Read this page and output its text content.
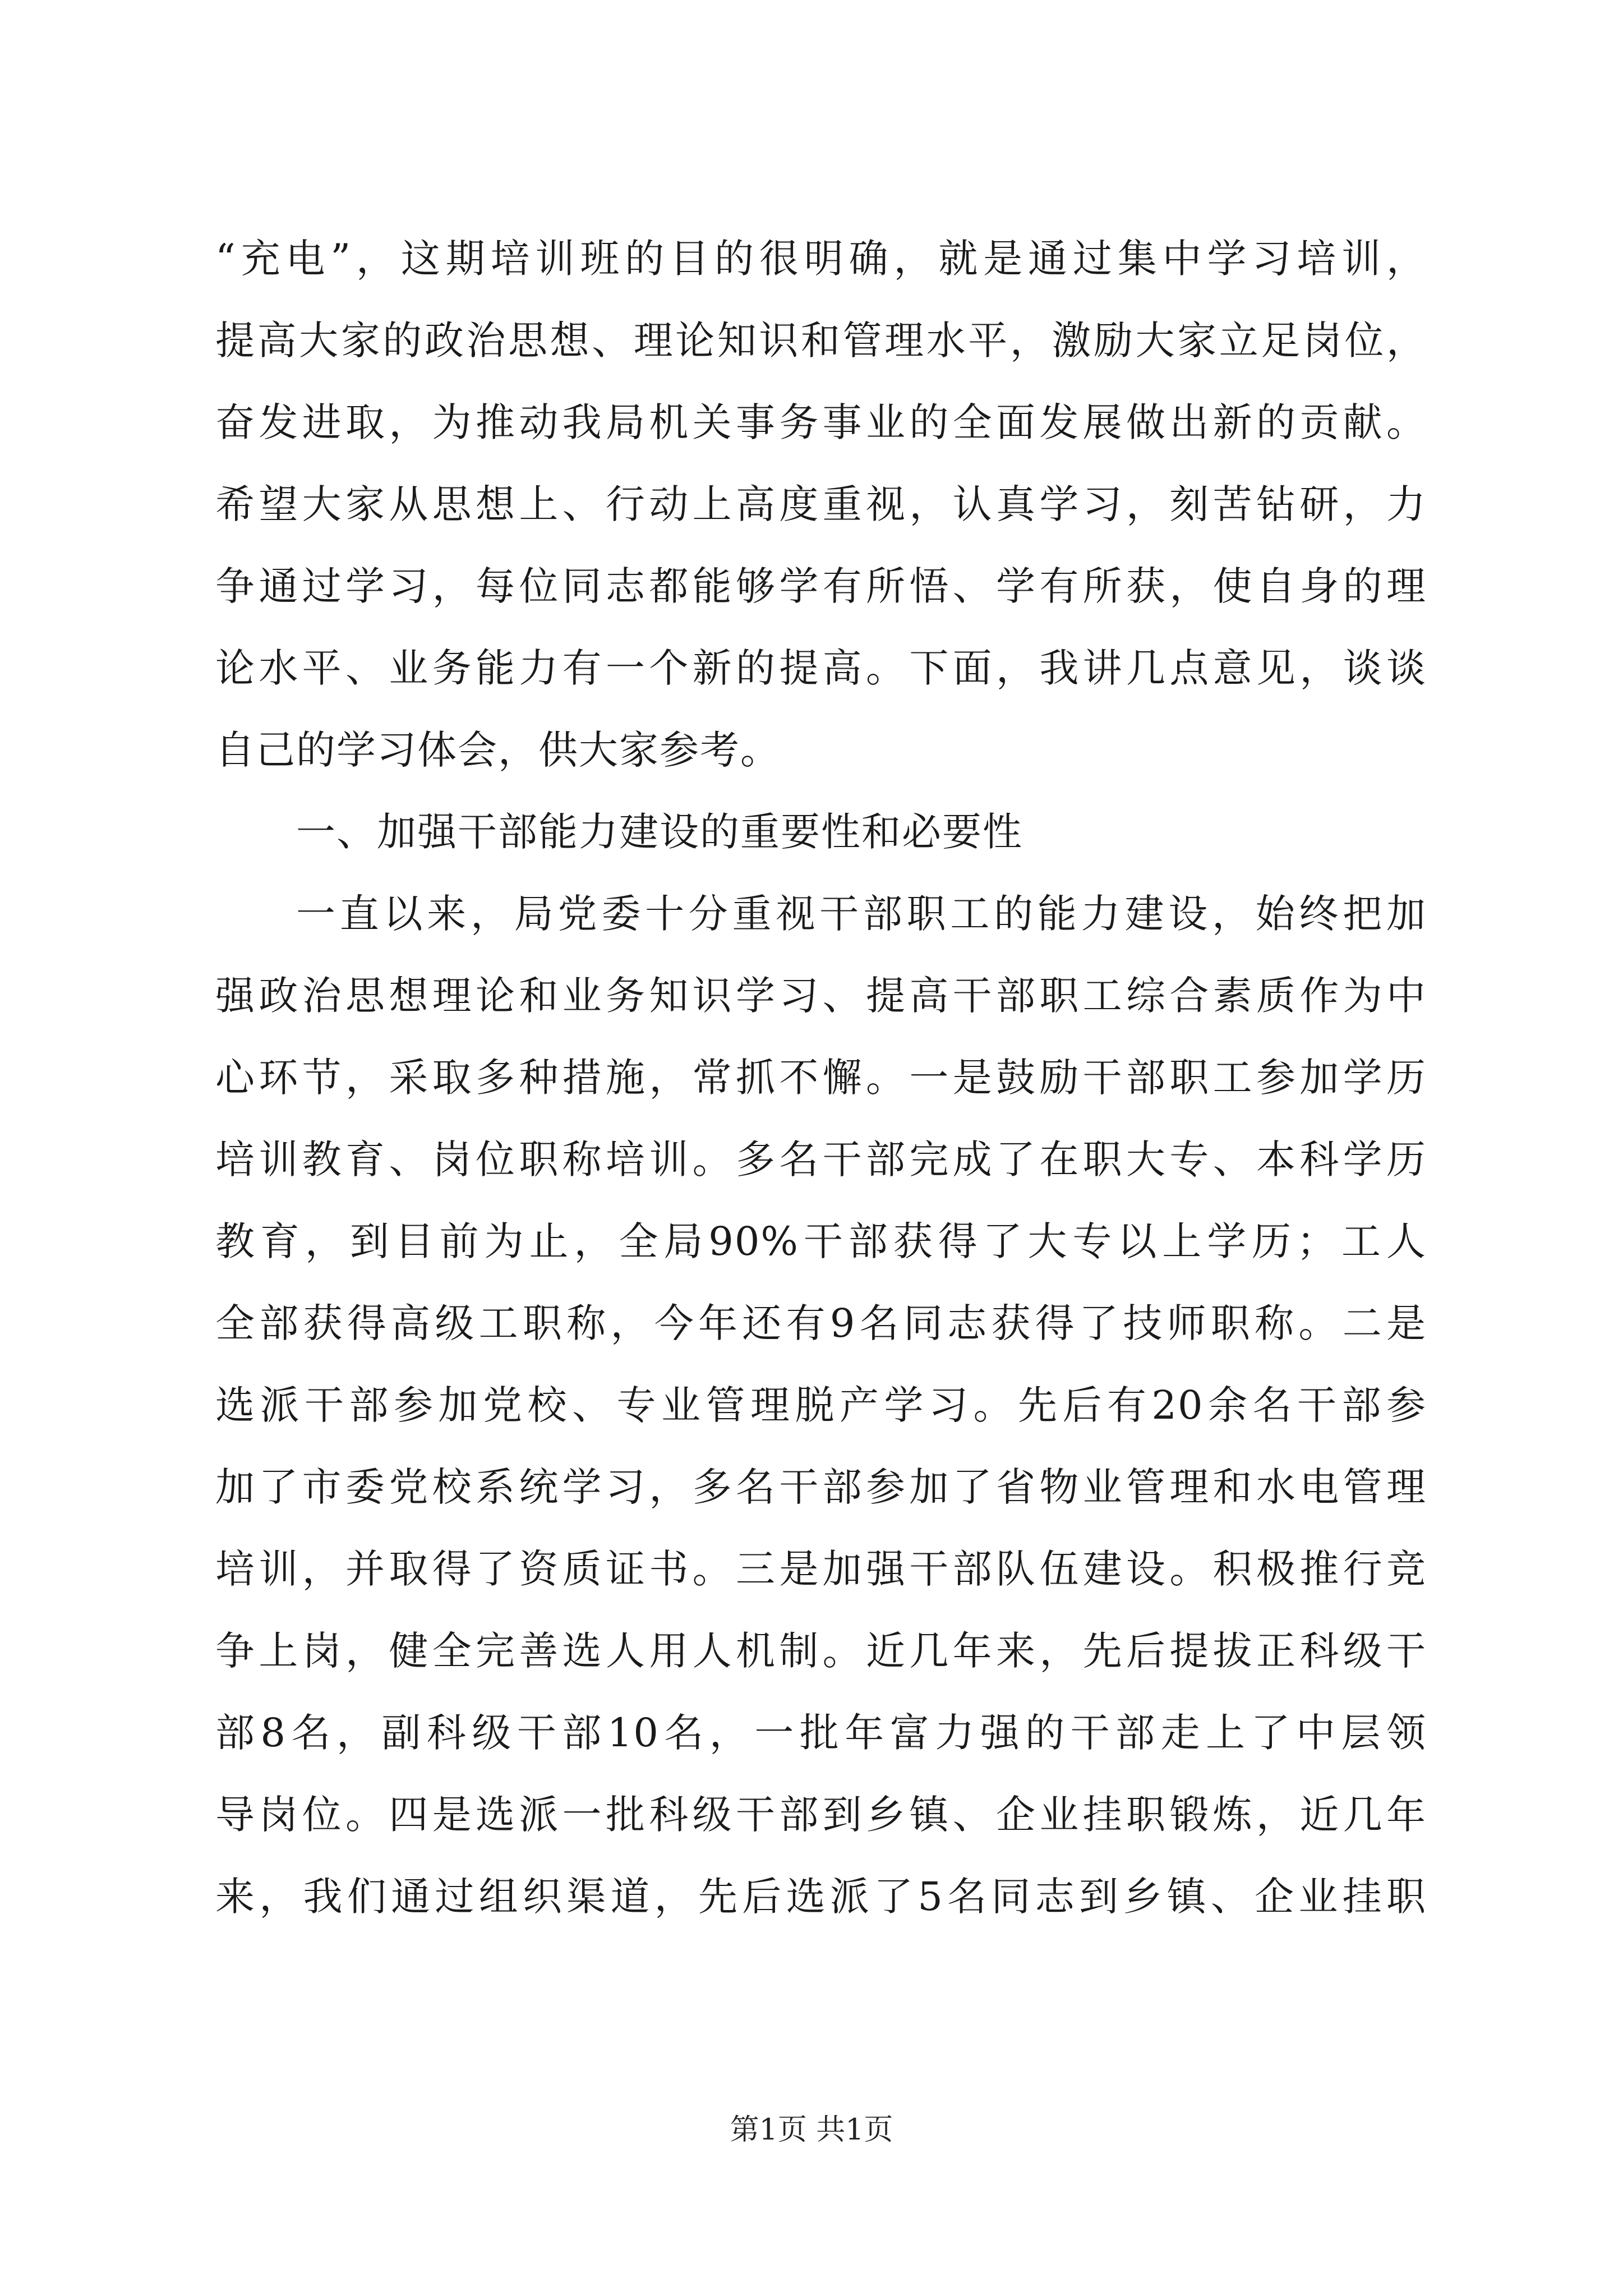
“充电”，这期培训班的目的很明确，就是通过集中学习培训，
提高大家的政治思想、理论知识和管理水平，激励大家立足岗位，
奋发进取，为推动我局机关事务事业的全面发展做出新的贡献。
希望大家从思想上、行动上高度重视，认真学习，刻苦钻研，力
争通过学习，每位同志都能够学有所悟、学有所获，使自身的理
论水平、业务能力有一个新的提高。下面，我讲几点意见，谈谈
自己的学习体会，供大家参考。
一、加强干部能力建设的重要性和必要性
一直以来，局党委十分重视干部职工的能力建设，始终把加
强政治思想理论和业务知识学习、提高干部职工综合素质作为中
心环节，采取多种措施，常抓不懈。一是鼓励干部职工参加学历
培训教育、岗位职称培训。多名干部完成了在职大专、本科学历
教育，到目前为止，全局90%干部获得了大专以上学历；工人
全部获得高级工职称，今年还有9名同志获得了技师职称。二是
选派干部参加党校、专业管理脱产学习。先后有20余名干部参
加了市委党校系统学习，多名干部参加了省物业管理和水电管理
培训，并取得了资质证书。三是加强干部队伍建设。积极推行竞
争上岗，健全完善选人用人机制。近几年来，先后提拔正科级干
部8名，副科级干部10名，一批年富力强的干部走上了中层领
导岗位。四是选派一批科级干部到乡镇、企业挂职锻炼，近几年
来，我们通过组织渠道，先后选派了5名同志到乡镇、企业挂职
第1页 共1页
